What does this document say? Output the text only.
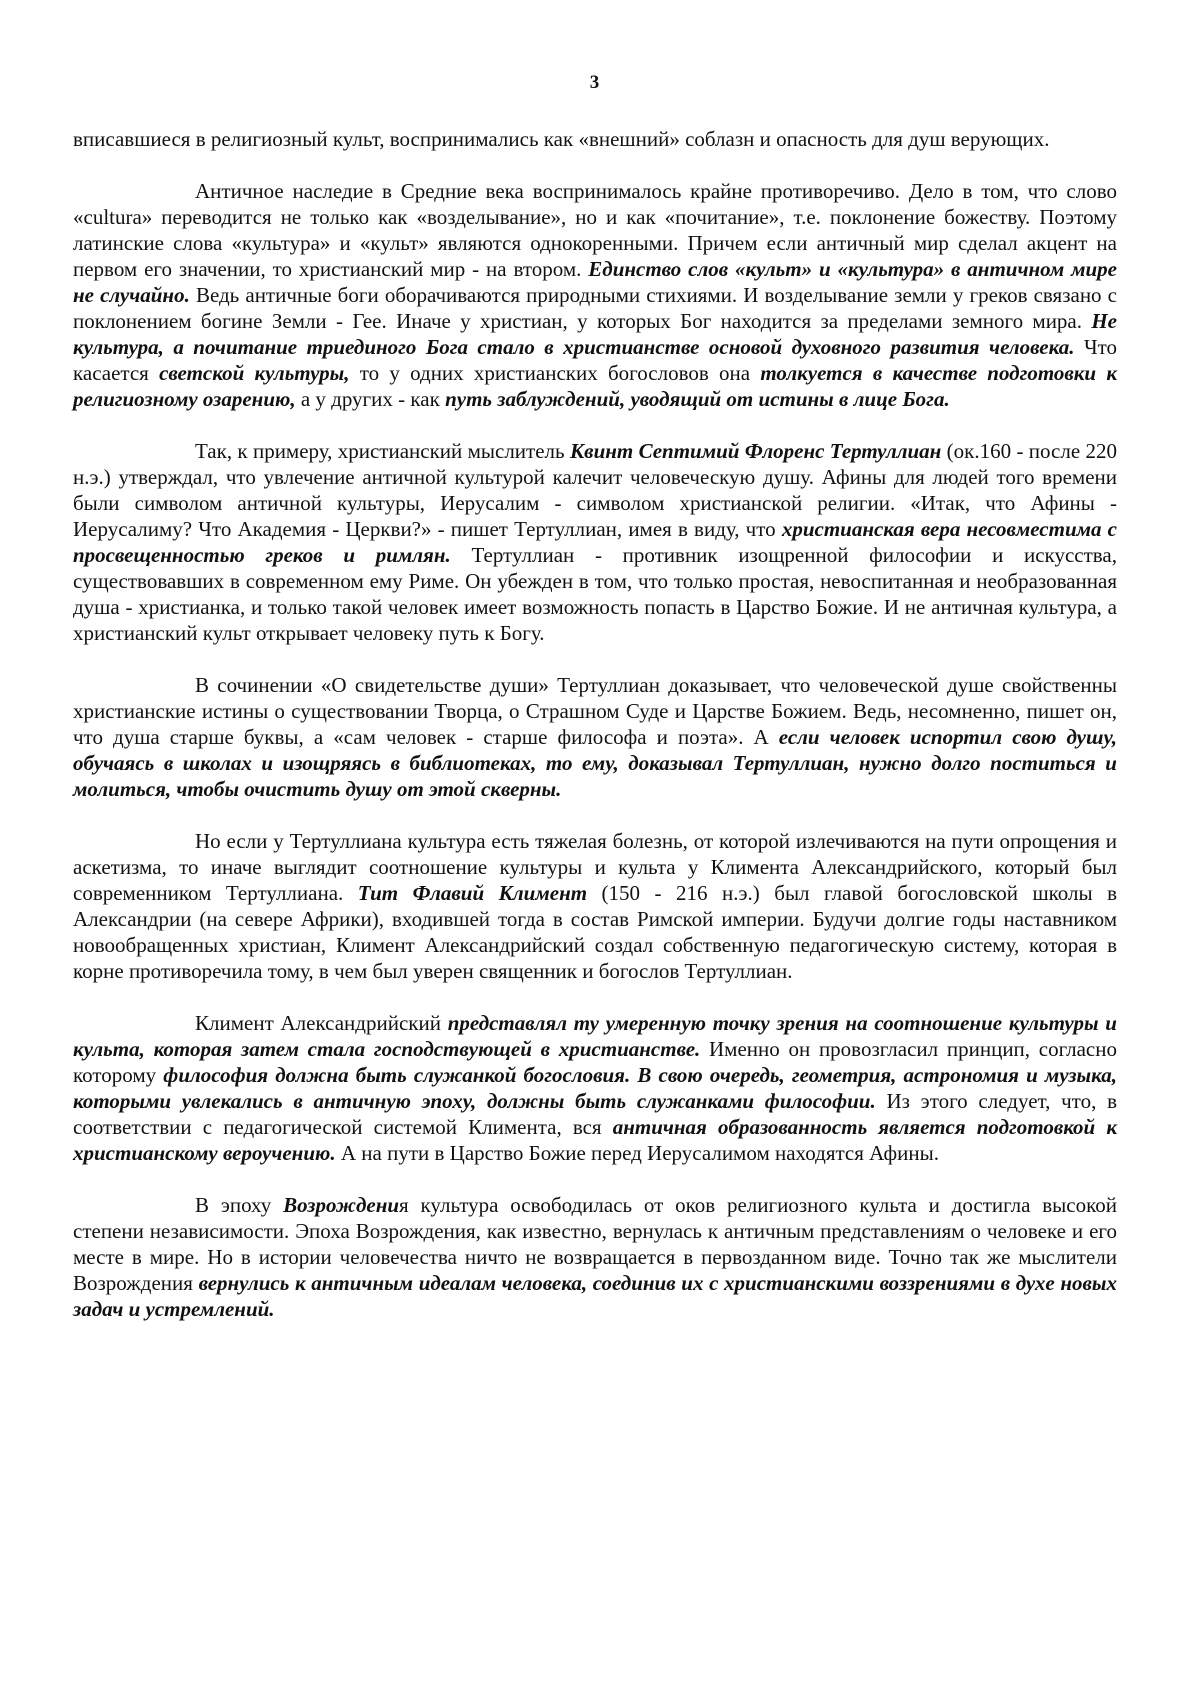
3

вписавшиеся в религиозный культ, воспринимались как «внешний» соблазн и опасность для душ верующих.

Античное наследие в Средние века воспринималось крайне противоречиво. Дело в том, что слово «cultura» переводится не только как «возделывание», но и как «почитание», т.е. поклонение божеству. Поэтому латинские слова «культура» и «культ» являются однокоренными. Причем если античный мир сделал акцент на первом его значении, то христианский мир - на втором. Единство слов «культ» и «культура» в античном мире не случайно. Ведь античные боги оборачиваются природными стихиями. И возделывание земли у греков связано с поклонением богине Земли - Гее. Иначе у христиан, у которых Бог находится за пределами земного мира. Не культура, а почитание триединого Бога стало в христианстве основой духовного развития человека. Что касается светской культуры, то у одних христианских богословов она толкуется в качестве подготовки к религиозному озарению, а у других - как путь заблуждений, уводящий от истины в лице Бога.

Так, к примеру, христианский мыслитель Квинт Септимий Флоренс Тертуллиан (ок.160 - после 220 н.э.) утверждал, что увлечение античной культурой калечит человеческую душу. Афины для людей того времени были символом античной культуры, Иерусалим - символом христианской религии. «Итак, что Афины - Иерусалиму? Что Академия - Церкви?» - пишет Тертуллиан, имея в виду, что христианская вера несовместима с просвещенностью греков и римлян. Тертуллиан - противник изощренной философии и искусства, существовавших в современном ему Риме. Он убежден в том, что только простая, невоспитанная и необразованная душа - христианка, и только такой человек имеет возможность попасть в Царство Божие. И не античная культура, а христианский культ открывает человеку путь к Богу.

В сочинении «О свидетельстве души» Тертуллиан доказывает, что человеческой душе свойственны христианские истины о существовании Творца, о Страшном Суде и Царстве Божием. Ведь, несомненно, пишет он, что душа старше буквы, а «сам человек - старше философа и поэта». А если человек испортил свою душу, обучаясь в школах и изощряясь в библиотеках, то ему, доказывал Тертуллиан, нужно долго поститься и молиться, чтобы очистить душу от этой скверны.

Но если у Тертуллиана культура есть тяжелая болезнь, от которой излечиваются на пути опрощения и аскетизма, то иначе выглядит соотношение культуры и культа у Климента Александрийского, который был современником Тертуллиана. Тит Флавий Климент (150 - 216 н.э.) был главой богословской школы в Александрии (на севере Африки), входившей тогда в состав Римской империи. Будучи долгие годы наставником новообращенных христиан, Климент Александрийский создал собственную педагогическую систему, которая в корне противоречила тому, в чем был уверен священник и богослов Тертуллиан.

Климент Александрийский представлял ту умеренную точку зрения на соотношение культуры и культа, которая затем стала господствующей в христианстве. Именно он провозгласил принцип, согласно которому философия должна быть служанкой богословия. В свою очередь, геометрия, астрономия и музыка, которыми увлекались в античную эпоху, должны быть служанками философии. Из этого следует, что, в соответствии с педагогической системой Климента, вся античная образованность является подготовкой к христианскому вероучению. А на пути в Царство Божие перед Иерусалимом находятся Афины.

В эпоху Возрождения культура освободилась от оков религиозного культа и достигла высокой степени независимости. Эпоха Возрождения, как известно, вернулась к античным представлениям о человеке и его месте в мире. Но в истории человечества ничто не возвращается в первозданном виде. Точно так же мыслители Возрождения вернулись к античным идеалам человека, соединив их с христианскими воззрениями в духе новых задач и устремлений.
